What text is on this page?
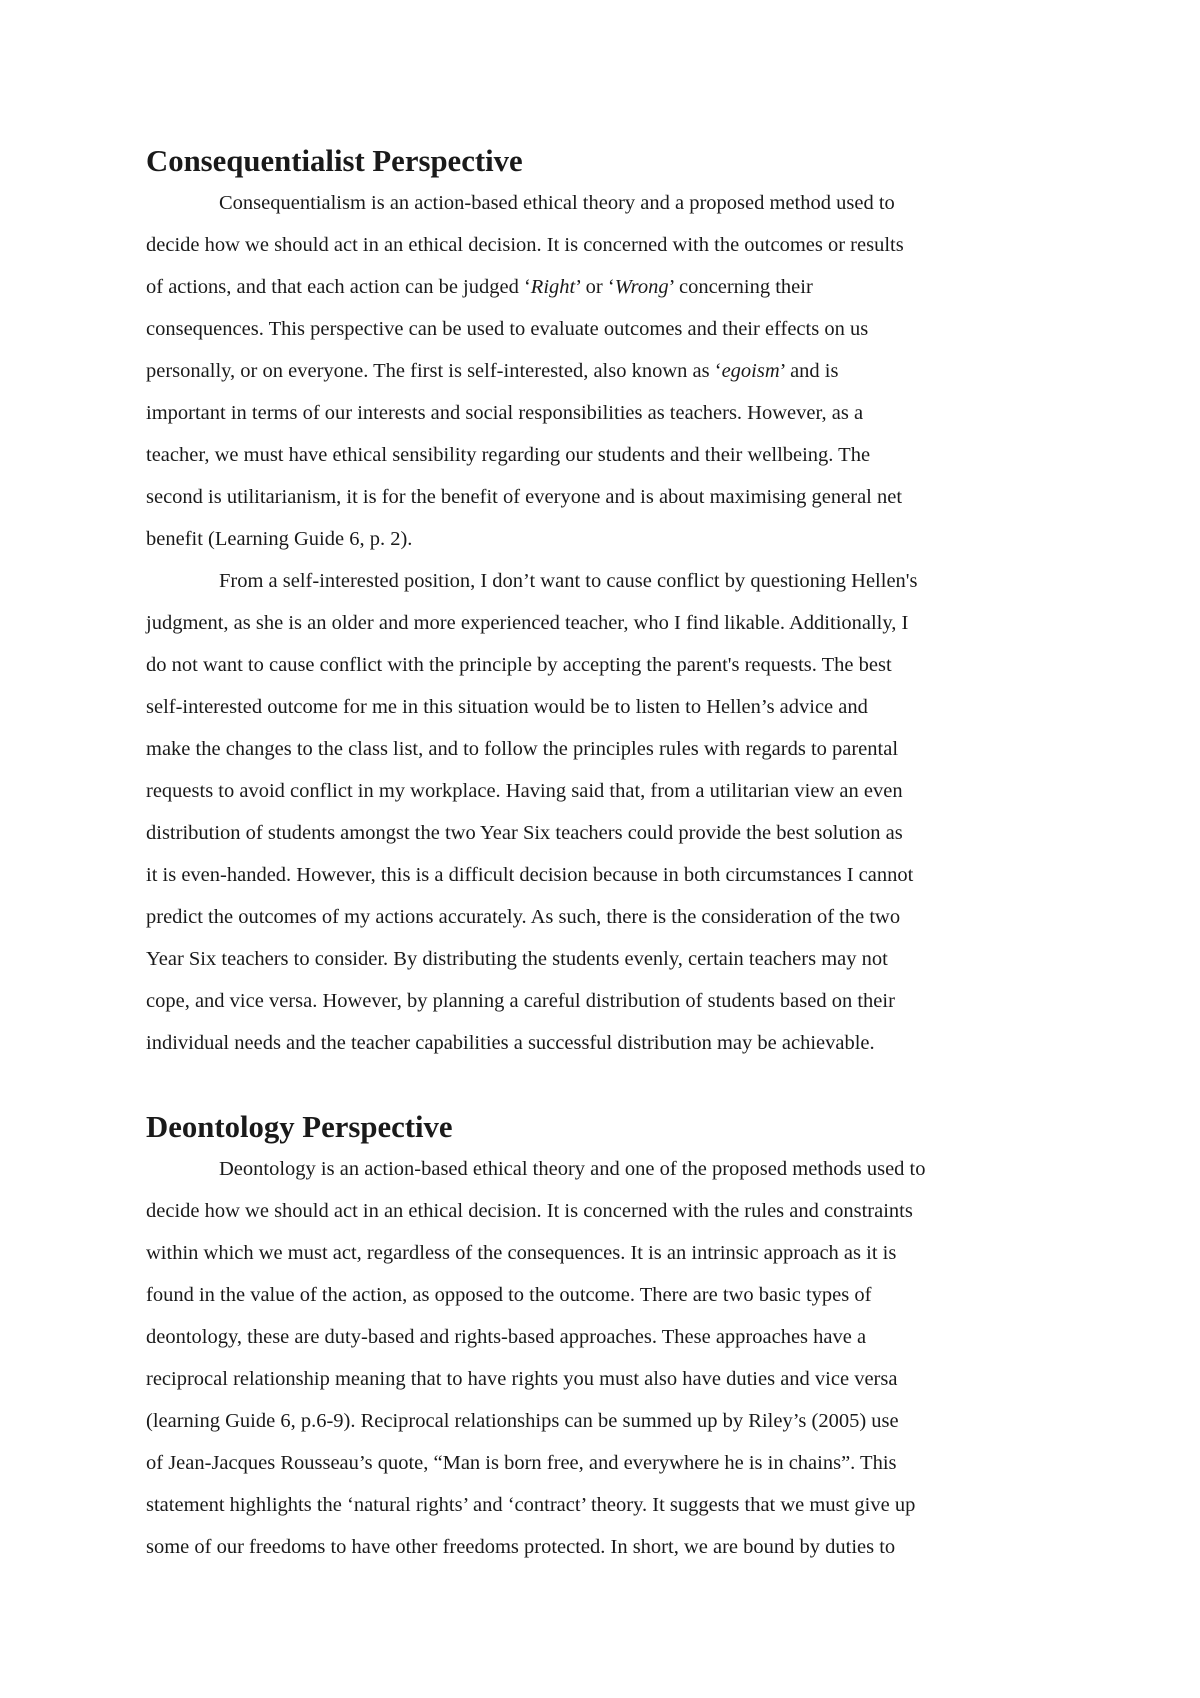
Consequentialist Perspective
Consequentialism is an action-based ethical theory and a proposed method used to
decide how we should act in an ethical decision. It is concerned with the outcomes or results
of actions, and that each action can be judged ‘Right’ or ‘Wrong’ concerning their
consequences. This perspective can be used to evaluate outcomes and their effects on us
personally, or on everyone. The first is self-interested, also known as ‘egoism’ and is
important in terms of our interests and social responsibilities as teachers. However, as a
teacher, we must have ethical sensibility regarding our students and their wellbeing. The
second is utilitarianism, it is for the benefit of everyone and is about maximising general net
benefit (Learning Guide 6, p. 2).
From a self-interested position, I don’t want to cause conflict by questioning Hellen's
judgment, as she is an older and more experienced teacher, who I find likable. Additionally, I
do not want to cause conflict with the principle by accepting the parent's requests. The best
self-interested outcome for me in this situation would be to listen to Hellen’s advice and
make the changes to the class list, and to follow the principles rules with regards to parental
requests to avoid conflict in my workplace. Having said that, from a utilitarian view an even
distribution of students amongst the two Year Six teachers could provide the best solution as
it is even-handed. However, this is a difficult decision because in both circumstances I cannot
predict the outcomes of my actions accurately. As such, there is the consideration of the two
Year Six teachers to consider. By distributing the students evenly, certain teachers may not
cope, and vice versa. However, by planning a careful distribution of students based on their
individual needs and the teacher capabilities a successful distribution may be achievable.
Deontology Perspective
Deontology is an action-based ethical theory and one of the proposed methods used to
decide how we should act in an ethical decision. It is concerned with the rules and constraints
within which we must act, regardless of the consequences. It is an intrinsic approach as it is
found in the value of the action, as opposed to the outcome. There are two basic types of
deontology, these are duty-based and rights-based approaches. These approaches have a
reciprocal relationship meaning that to have rights you must also have duties and vice versa
(learning Guide 6, p.6-9). Reciprocal relationships can be summed up by Riley’s (2005) use
of Jean-Jacques Rousseau’s quote, “Man is born free, and everywhere he is in chains”. This
statement highlights the ‘natural rights’ and ‘contract’ theory. It suggests that we must give up
some of our freedoms to have other freedoms protected. In short, we are bound by duties to
